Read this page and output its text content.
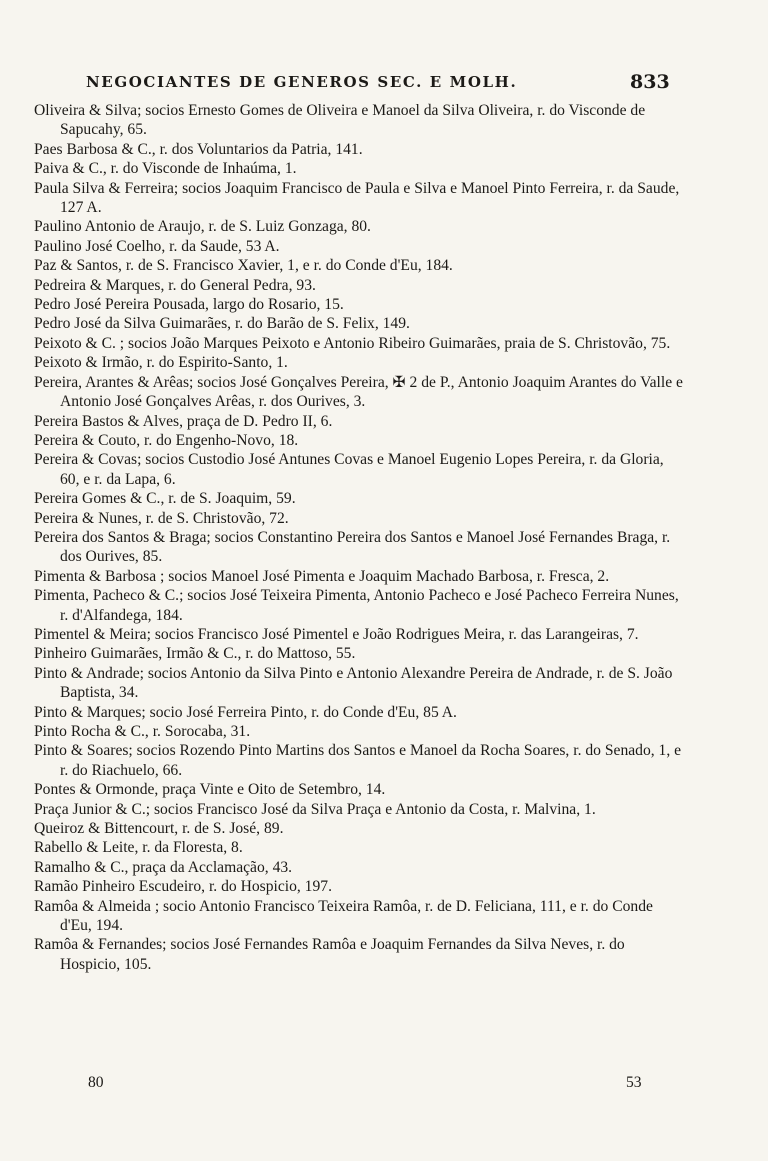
NEGOCIANTES DE GENEROS SEC. E MOLH.	833
Oliveira & Silva; socios Ernesto Gomes de Oliveira e Manoel da Silva Oliveira, r. do Visconde de Sapucahy, 65.
Paes Barbosa & C., r. dos Voluntarios da Patria, 141.
Paiva & C., r. do Visconde de Inhaúma, 1.
Paula Silva & Ferreira; socios Joaquim Francisco de Paula e Silva e Manoel Pinto Ferreira, r. da Saude, 127 A.
Paulino Antonio de Araujo, r. de S. Luiz Gonzaga, 80.
Paulino José Coelho, r. da Saude, 53 A.
Paz & Santos, r. de S. Francisco Xavier, 1, e r. do Conde d'Eu, 184.
Pedreira & Marques, r. do General Pedra, 93.
Pedro José Pereira Pousada, largo do Rosario, 15.
Pedro José da Silva Guimarães, r. do Barão de S. Felix, 149.
Peixoto & C. ; socios João Marques Peixoto e Antonio Ribeiro Guimarães, praia de S. Christovão, 75.
Peixoto & Irmão, r. do Espirito-Santo, 1.
Pereira, Arantes & Arêas; socios José Gonçalves Pereira, ✠ 2 de P., Antonio Joaquim Arantes do Valle e Antonio José Gonçalves Arêas, r. dos Ourives, 3.
Pereira Bastos & Alves, praça de D. Pedro II, 6.
Pereira & Couto, r. do Engenho-Novo, 18.
Pereira & Covas; socios Custodio José Antunes Covas e Manoel Eugenio Lopes Pereira, r. da Gloria, 60, e r. da Lapa, 6.
Pereira Gomes & C., r. de S. Joaquim, 59.
Pereira & Nunes, r. de S. Christovão, 72.
Pereira dos Santos & Braga; socios Constantino Pereira dos Santos e Manoel José Fernandes Braga, r. dos Ourives, 85.
Pimenta & Barbosa ; socios Manoel José Pimenta e Joaquim Machado Barbosa, r. Fresca, 2.
Pimenta, Pacheco & C.; socios José Teixeira Pimenta, Antonio Pacheco e José Pacheco Ferreira Nunes, r. d'Alfandega, 184.
Pimentel & Meira; socios Francisco José Pimentel e João Rodrigues Meira, r. das Larangeiras, 7.
Pinheiro Guimarães, Irmão & C., r. do Mattoso, 55.
Pinto & Andrade; socios Antonio da Silva Pinto e Antonio Alexandre Pereira de Andrade, r. de S. João Baptista, 34.
Pinto & Marques; socio José Ferreira Pinto, r. do Conde d'Eu, 85 A.
Pinto Rocha & C., r. Sorocaba, 31.
Pinto & Soares; socios Rozendo Pinto Martins dos Santos e Manoel da Rocha Soares, r. do Senado, 1, e r. do Riachuelo, 66.
Pontes & Ormonde, praça Vinte e Oito de Setembro, 14.
Praça Junior & C.; socios Francisco José da Silva Praça e Antonio da Costa, r. Malvina, 1.
Queiroz & Bittencourt, r. de S. José, 89.
Rabello & Leite, r. da Floresta, 8.
Ramalho & C., praça da Acclamação, 43.
Ramão Pinheiro Escudeiro, r. do Hospicio, 197.
Ramôa & Almeida ; socio Antonio Francisco Teixeira Ramôa, r. de D. Feliciana, 111, e r. do Conde d'Eu, 194.
Ramôa & Fernandes; socios José Fernandes Ramôa e Joaquim Fernandes da Silva Neves, r. do Hospicio, 105.
80	53
